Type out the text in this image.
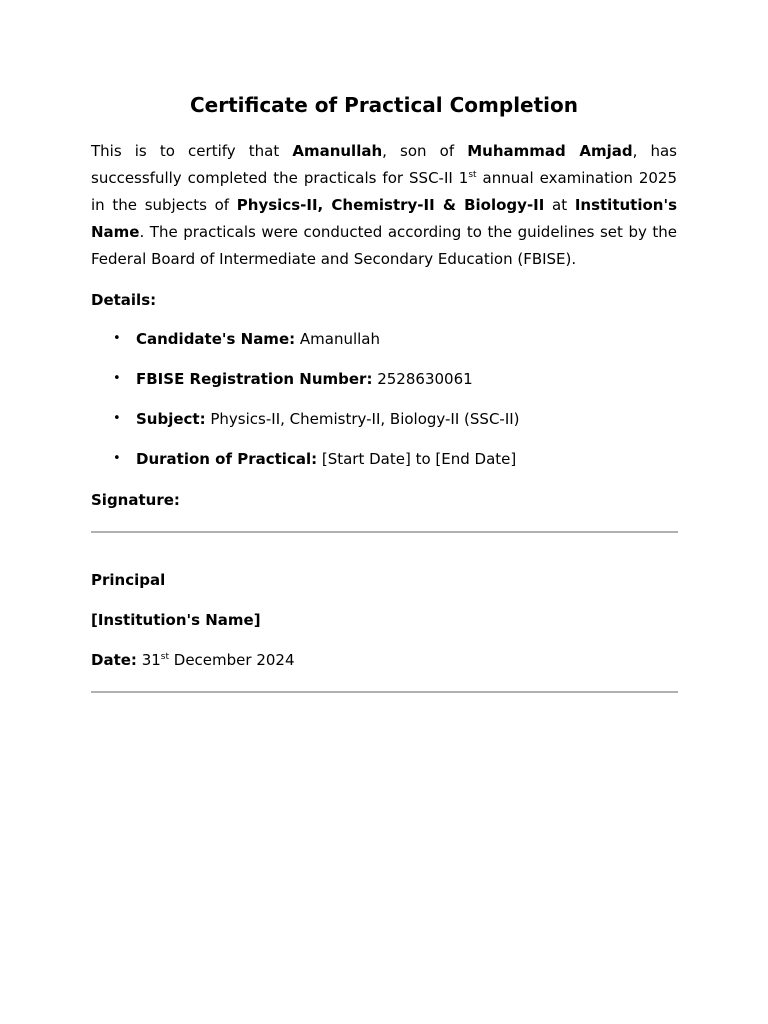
Certificate of Practical Completion

This is to certify that Amanullah, son of Muhammad Amjad, has successfully completed the practicals for SSC-II 1st annual examination 2025 in the subjects of Physics-II, Chemistry-II & Biology-II at Institution's Name. The practicals were conducted according to the guidelines set by the Federal Board of Intermediate and Secondary Education (FBISE).

Details:

• Candidate's Name: Amanullah
• FBISE Registration Number: 2528630061
• Subject: Physics-II, Chemistry-II, Biology-II (SSC-II)
• Duration of Practical: [Start Date] to [End Date]

Signature:

Principal

[Institution's Name]

Date: 31st December 2024
